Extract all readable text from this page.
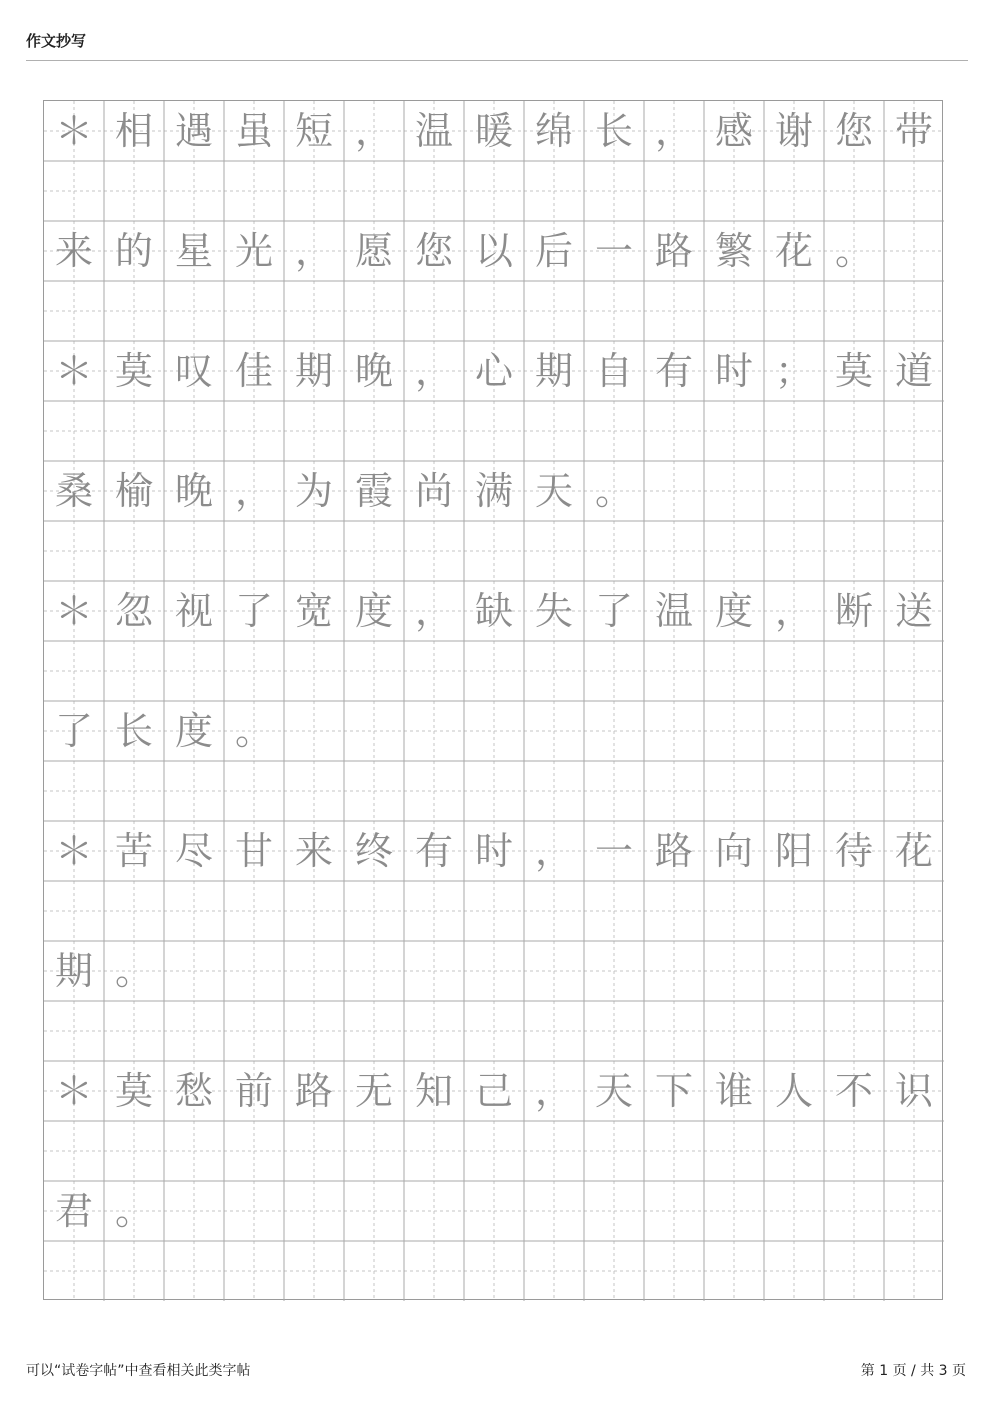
作文抄写
＊ 相 遇 虽 短 ， 温 暖 绵 长 ， 感 谢 您 带
来 的 星 光 ， 愿 您 以 后 一 路 繁 花 。
＊ 莫 叹 佳 期 晚 ， 心 期 自 有 时 ； 莫 道
桑 榆 晚 ， 为 霞 尚 满 天 。
＊ 忽 视 了 宽 度 ， 缺 失 了 温 度 ， 断 送
了 长 度 。
＊ 苦 尽 甘 来 终 有 时 ， 一 路 向 阳 待 花
期 。
＊ 莫 愁 前 路 无 知 己 ， 天 下 谁 人 不 识
君 。
可以“试卷字帖”中查看相关此类字帖	第 1 页 / 共 3 页
